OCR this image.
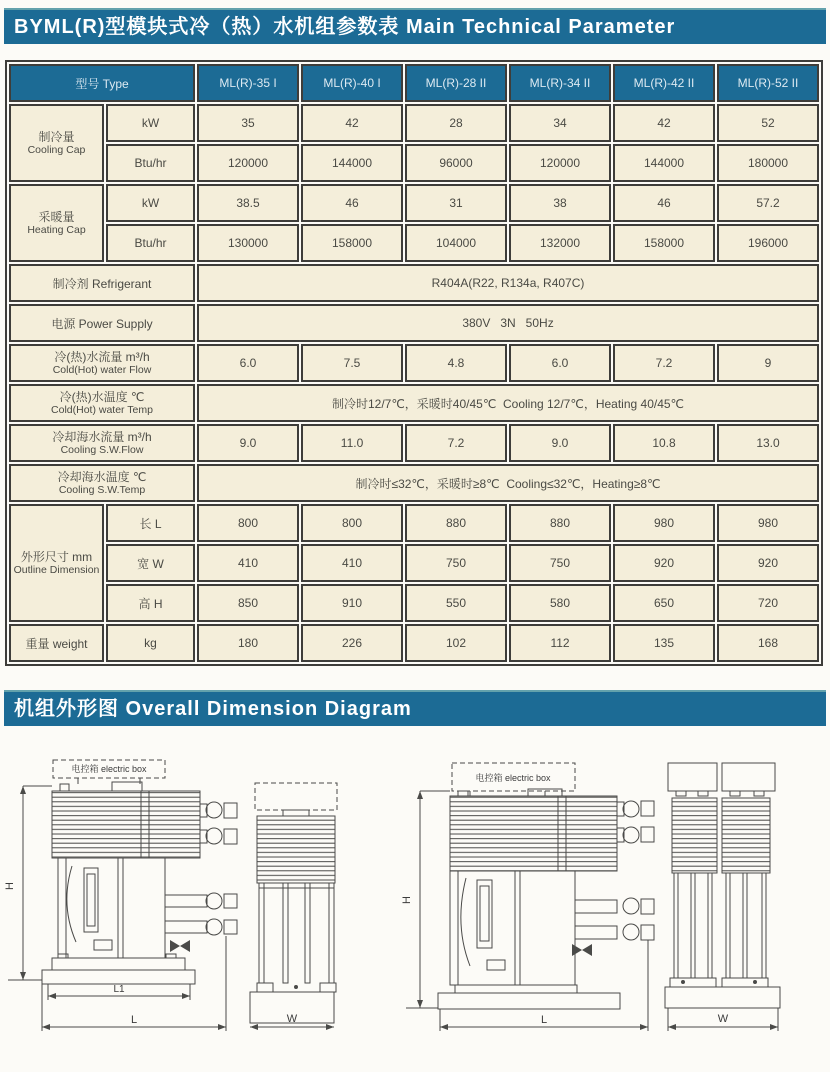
BYML(R)型模块式冷（热）水机组参数表 Main Technical Parameter
型号 Type		ML(R)-35 I	ML(R)-40 I	ML(R)-28 II	ML(R)-34 II	ML(R)-42 II	ML(R)-52 II

制冷量
Cooling Cap	kW	35	42	28	34	42	52
	Btu/hr	120000	144000	96000	120000	144000	180000

采暖量
Heating Cap	kW	38.5	46	31	38	46	57.2
	Btu/hr	130000	158000	104000	132000	158000	196000
制冷剂 Refrigerant		R404A(R22, R134a, R407C)					
电源 Power Supply		380V   3N   50Hz					

冷(热)水流量 m³/h
Cold(Hot) water Flow		6.0	7.5	4.8	6.0	7.2	9

冷(热)水温度 ℃
Cold(Hot) water Temp		制冷时12/7℃，采暖时40/45℃  Cooling 12/7℃，Heating 40/45℃					

冷却海水流量 m³/h
Cooling S.W.Flow		9.0	11.0	7.2	9.0	10.8	13.0

冷却海水温度 ℃
Cooling S.W.Temp		制冷时≤32℃，采暖时≥8℃  Cooling≤32℃，Heating≥8℃					

外形尺寸 mm
Outline Dimension	长 L	800	800	880	880	980	980
	宽 W	410	410	750	750	920	920
	高 H	850	910	550	580	650	720
重量 weight	kg	180	226	102	112	135	168
机组外形图 Overall Dimension Diagram
电控箱 electric box
H
L1
L	W
电控箱 electric box
H
L	W
